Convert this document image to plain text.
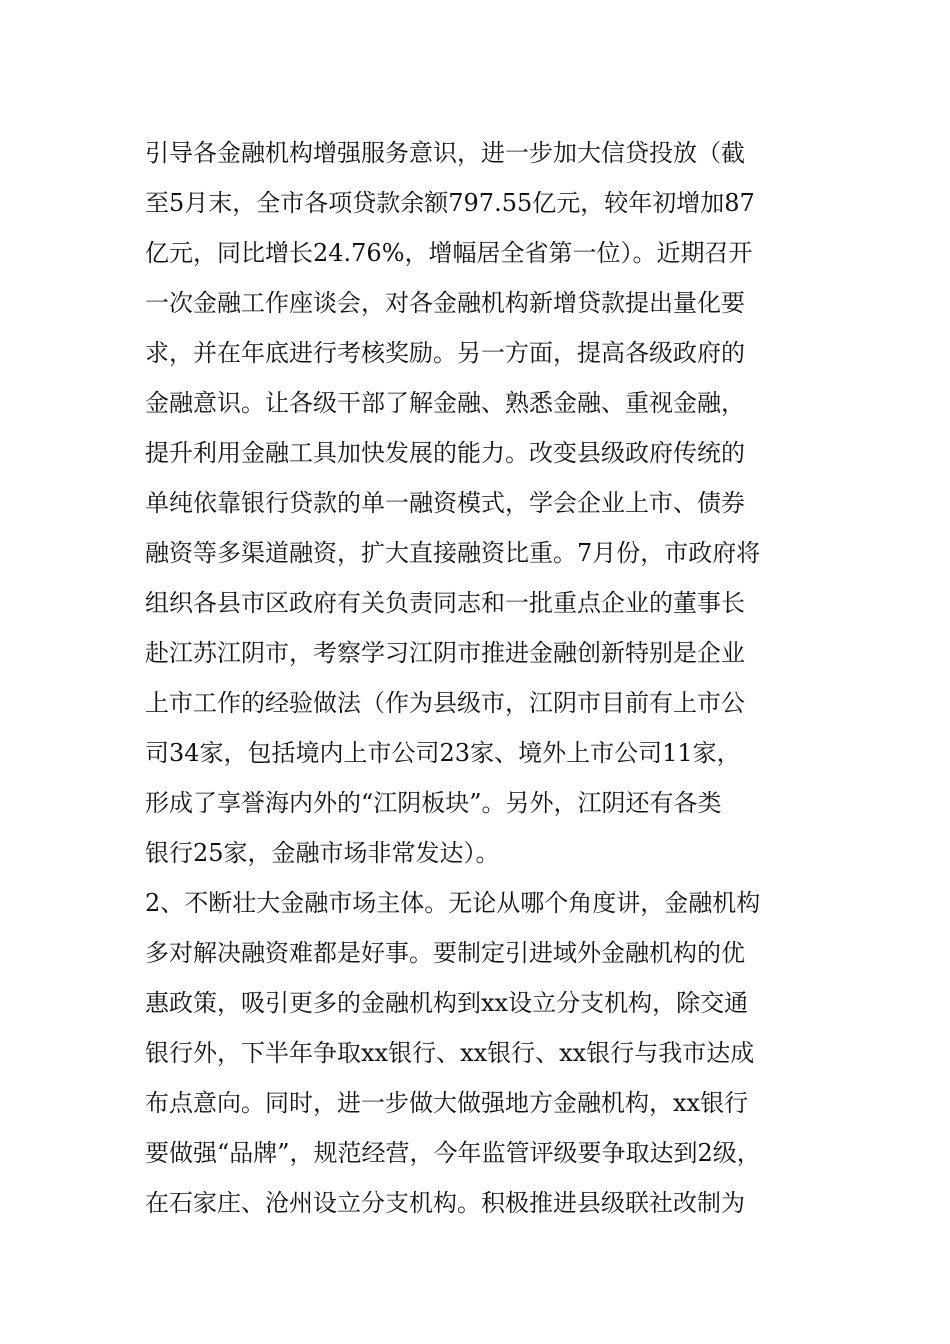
引导各金融机构增强服务意识，进一步加大信贷投放（截
至5月末，全市各项贷款余额797.55亿元，较年初增加87
亿元，同比增长24.76%，增幅居全省第一位）。近期召开
一次金融工作座谈会，对各金融机构新增贷款提出量化要
求，并在年底进行考核奖励。另一方面，提高各级政府的
金融意识。让各级干部了解金融、熟悉金融、重视金融，
提升利用金融工具加快发展的能力。改变县级政府传统的
单纯依靠银行贷款的单一融资模式，学会企业上市、债券
融资等多渠道融资，扩大直接融资比重。7月份，市政府将
组织各县市区政府有关负责同志和一批重点企业的董事长
赴江苏江阴市，考察学习江阴市推进金融创新特别是企业
上市工作的经验做法（作为县级市，江阴市目前有上市公
司34家，包括境内上市公司23家、境外上市公司11家，
形成了享誉海内外的“江阴板块”。另外，江阴还有各类
银行25家，金融市场非常发达）。
2、不断壮大金融市场主体。无论从哪个角度讲，金融机构
多对解决融资难都是好事。要制定引进域外金融机构的优
惠政策，吸引更多的金融机构到xx设立分支机构，除交通
银行外，下半年争取xx银行、xx银行、xx银行与我市达成
布点意向。同时，进一步做大做强地方金融机构，xx银行
要做强“品牌”，规范经营，今年监管评级要争取达到2级，
在石家庄、沧州设立分支机构。积极推进县级联社改制为
